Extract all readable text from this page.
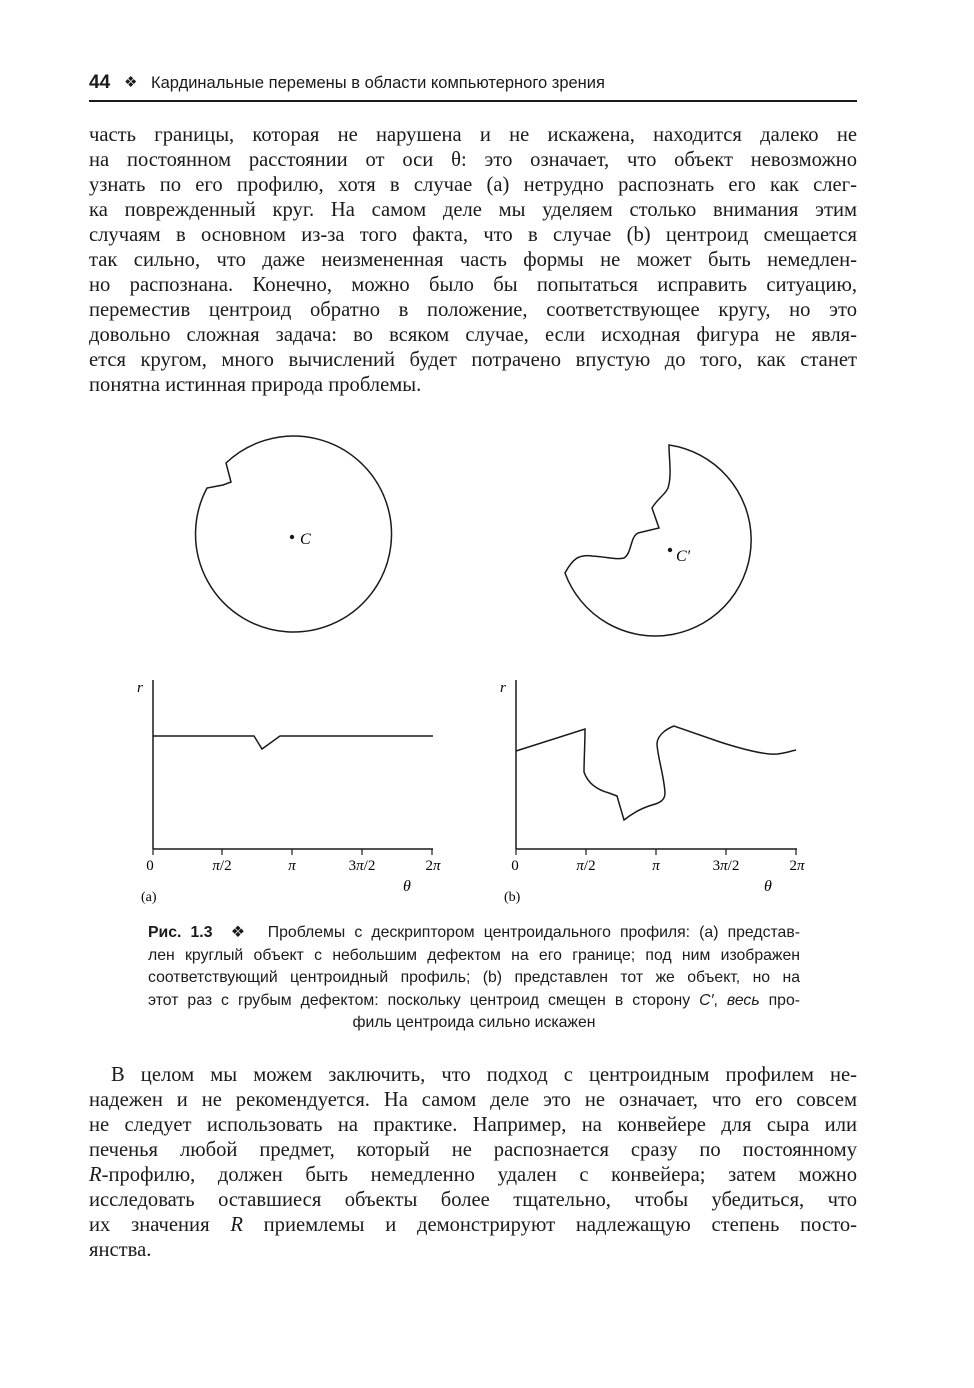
44 ❖ Кардинальные перемены в области компьютерного зрения
часть границы, которая не нарушена и не искажена, находится далеко не
на постоянном расстоянии от оси θ: это означает, что объект невозможно
узнать по его профилю, хотя в случае (a) нетрудно распознать его как слег-
ка поврежденный круг. На самом деле мы уделяем столько внимания этим
случаям в основном из-за того факта, что в случае (b) центроид смещается
так сильно, что даже неизмененная часть формы не может быть немедлен-
но распознана. Конечно, можно было бы попытаться исправить ситуацию,
переместив центроид обратно в положение, соответствующее кругу, но это
довольно сложная задача: во всяком случае, если исходная фигура не явля-
ется кругом, много вычислений будет потрачено впустую до того, как станет
понятна истинная природа проблемы.
C
C′
r
0	π/2	π	3π/2	2π
θ
(a)
r
0	π/2	π	3π/2	2π
θ
(b)
Рис. 1.3 ❖ Проблемы с дескриптором центроидального профиля: (a) представ-
лен круглый объект с небольшим дефектом на его границе; под ним изображен
соответствующий центроидный профиль; (b) представлен тот же объект, но на
этот раз с грубым дефектом: поскольку центроид смещен в сторону C′, весь про-
филь центроида сильно искажен
В целом мы можем заключить, что подход с центроидным профилем не-
надежен и не рекомендуется. На самом деле это не означает, что его совсем
не следует использовать на практике. Например, на конвейере для сыра или
печенья любой предмет, который не распознается сразу по постоянному
R-профилю, должен быть немедленно удален с конвейера; затем можно
исследовать оставшиеся объекты более тщательно, чтобы убедиться, что
их значения R приемлемы и демонстрируют надлежащую степень посто-
янства.
